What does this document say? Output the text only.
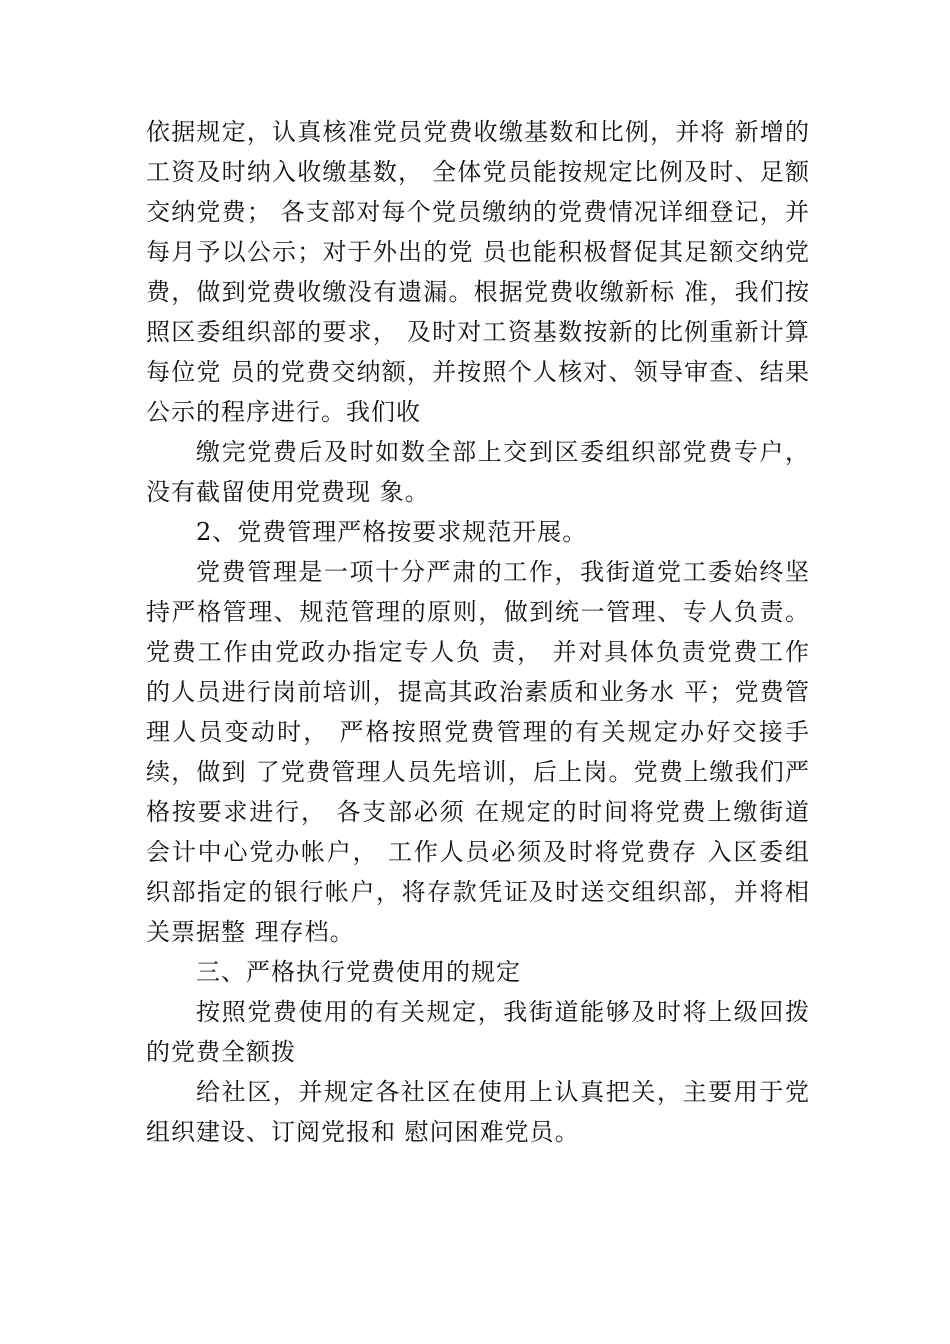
依据规定，认真核准党员党费收缴基数和比例，并将 新增的工资及时纳入收缴基数， 全体党员能按规定比例及时、足额交纳党费； 各支部对每个党员缴纳的党费情况详细登记，并每月予以公示；对于外出的党 员也能积极督促其足额交纳党费，做到党费收缴没有遗漏。根据党费收缴新标 准，我们按照区委组织部的要求， 及时对工资基数按新的比例重新计算每位党 员的党费交纳额，并按照个人核对、领导审查、结果公示的程序进行。我们收

缴完党费后及时如数全部上交到区委组织部党费专户，没有截留使用党费现 象。

2、党费管理严格按要求规范开展。

党费管理是一项十分严肃的工作，我街道党工委始终坚持严格管理、规范管理的原则，做到统一管理、专人负责。党费工作由党政办指定专人负 责， 并对具体负责党费工作的人员进行岗前培训，提高其政治素质和业务水 平；党费管理人员变动时， 严格按照党费管理的有关规定办好交接手续，做到 了党费管理人员先培训，后上岗。党费上缴我们严格按要求进行， 各支部必须 在规定的时间将党费上缴街道会计中心党办帐户， 工作人员必须及时将党费存 入区委组织部指定的银行帐户，将存款凭证及时送交组织部，并将相关票据整 理存档。

三、严格执行党费使用的规定

按照党费使用的有关规定，我街道能够及时将上级回拨的党费全额拨

给社区，并规定各社区在使用上认真把关，主要用于党组织建设、订阅党报和 慰问困难党员。
